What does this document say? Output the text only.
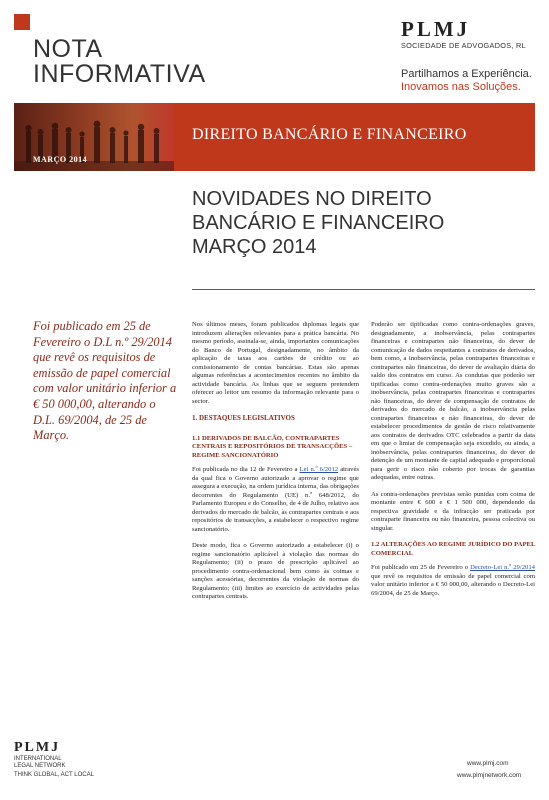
NOTA
INFORMATIVA
PLMJ
SOCIEDADE DE ADVOGADOS, RL
Partilhamos a Experiência.
Inovamos nas Soluções.
DIREITO BANCÁRIO E FINANCEIRO
MARÇO 2014
NOVIDADES NO DIREITO
BANCÁRIO E FINANCEIRO
MARÇO 2014
Foi publicado em 25 de Fevereiro o D.L n.º 29/2014 que revê os requisitos de emissão de papel comercial com valor unitário inferior a € 50 000,00, alterando o D.L. 69/2004, de 25 de Março.

Nos últimos meses, foram publicados diplomas legais que introduzem alterações relevantes para a prática bancária. No mesmo período, assinala-se, ainda, importantes comunicações do Banco de Portugal, designadamente, no âmbito da aplicação de taxas aos cartões de crédito ou ao comissionamento de contas bancárias. Estas são apenas algumas referências a acontecimentos recentes no âmbito da actividade bancária. As linhas que se seguem pretendem oferecer ao leitor um resumo da informação relevante para o sector.

1. DESTAQUES LEGISLATIVOS
1.1 DERIVADOS DE BALCÃO, CONTRAPARTES CENTRAIS E REPOSITÓRIOS DE TRANSACÇÕES – REGIME SANCIONATÓRIO

Foi publicada no dia 12 de Fevereiro a Lei n.º 6/2012 através da qual fica o Governo autorizado a aprovar o regime que assegura a execução, na ordem jurídica interna, das obrigações decorrentes do Regulamento (UE) n.º 648/2012, do Parlamento Europeu e do Conselho, de 4 de Julho, relativo aos derivados do mercado de balcão, às contrapartes centrais e aos repositórios de transacções, a estabelecer o respectivo regime sancionatório.

Deste modo, fica o Governo autorizado a estabelecer (i) o regime sancionatório aplicável à violação das normas do Regulamento; (ii) o prazo de prescrição aplicável ao procedimento contra-ordenacional bem como às coimas e sanções acessórias, decorrentes da violação de normas do Regulamento; (iii) limites ao exercício de actividades pelas contrapartes centrais.

Poderão ser tipificadas como contra-ordenações graves, designadamente, a inobservância, pelas contrapartes financeiras e contrapartes não financeiras, do dever de comunicação de dados respeitantes a contratos de derivados, bem como, a inobservância, pelas contrapartes financeiras e contrapartes não financeiras, do dever de avaliação diária do saldo dos contratos em curso. As condutas que poderão ser tipificadas como contra-ordenações muito graves são a inobservância, pelas contrapartes financeiras e contrapartes não financeiras, do dever de compensação de contratos de derivados do mercado de balcão, a inobservância pelas contrapartes financeiras e não financeiras, do dever de estabelecer procedimentos de gestão de risco relativamente aos contratos de derivados OTC celebrados a partir da data em que o limiar de compensação seja excedido, ou ainda, a inobservância, pelas contrapartes financeiras, do dever de detenção de um montante de capital adequado e proporcional para gerir o risco não coberto por trocas de garantias adequadas, entre outras.

As contra-ordenações previstas serão punidas com coima de montante entre € 600 e € 1 500 000, dependendo da respectiva gravidade e da infracção ser praticada por contraparte financeira ou não financeira, pessoa colectiva ou singular.

1.2 ALTERAÇÕES AO REGIME JURÍDICO DO PAPEL COMERCIAL

Foi publicado em 25 de Fevereiro o Decreto-Lei n.º 29/2014 que revê os requisitos de emissão de papel comercial com valor unitário inferior a € 50 000,00, alterando o Decreto-Lei 69/2004, de 25 de Março.

PLMJ
INTERNATIONAL
LEGAL NETWORK
THINK GLOBAL, ACT LOCAL
www.plmj.com
www.plmjnetwork.com
